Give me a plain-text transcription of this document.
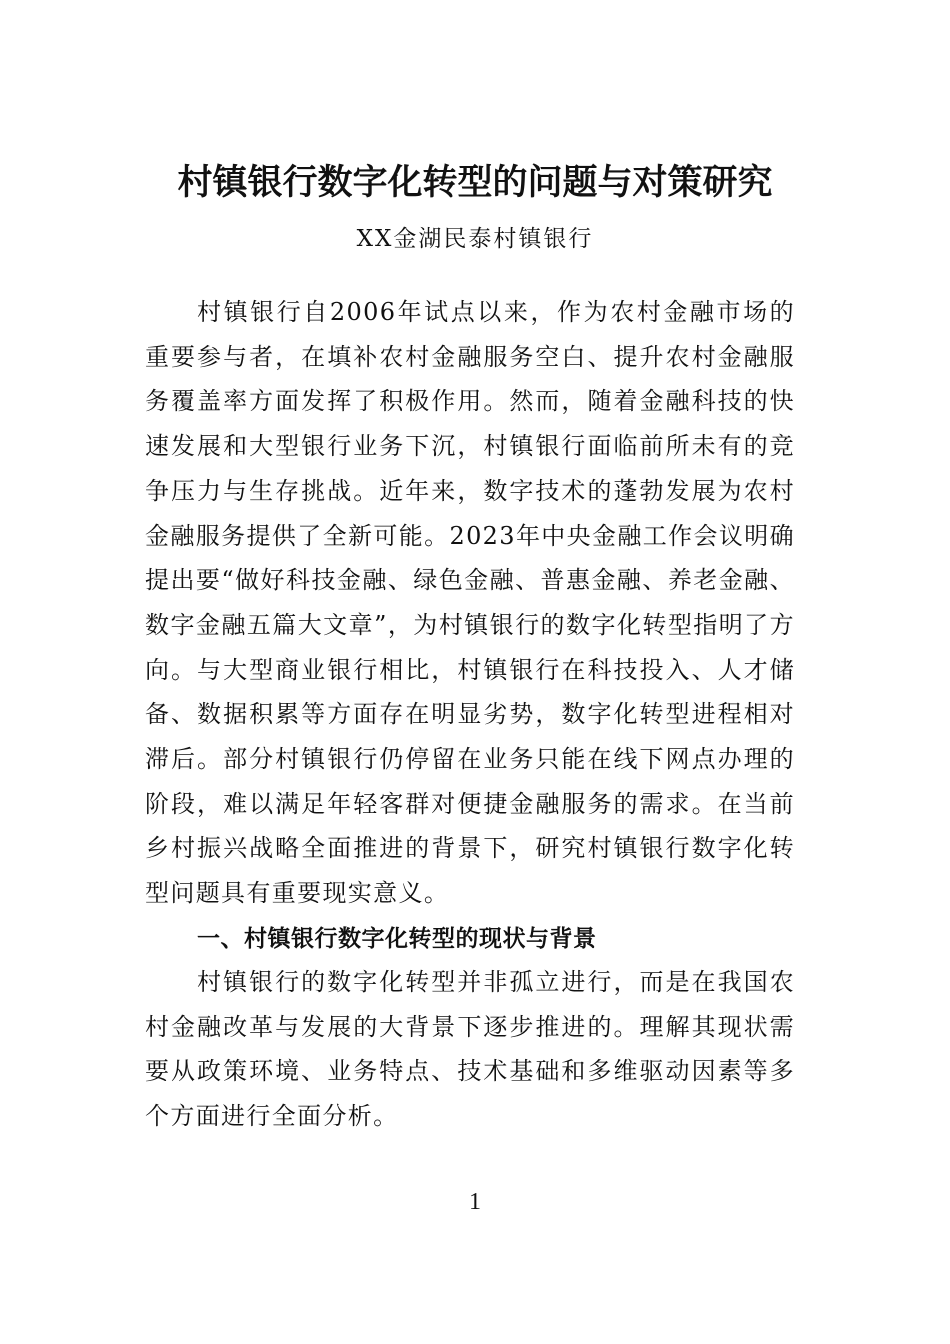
村镇银行数字化转型的问题与对策研究
XX金湖民泰村镇银行

村镇银行自2006年试点以来，作为农村金融市场的重要参与者，在填补农村金融服务空白、提升农村金融服务覆盖率方面发挥了积极作用。然而，随着金融科技的快速发展和大型银行业务下沉，村镇银行面临前所未有的竞争压力与生存挑战。近年来，数字技术的蓬勃发展为农村金融服务提供了全新可能。2023年中央金融工作会议明确提出要“做好科技金融、绿色金融、普惠金融、养老金融、数字金融五篇大文章”，为村镇银行的数字化转型指明了方向。与大型商业银行相比，村镇银行在科技投入、人才储备、数据积累等方面存在明显劣势，数字化转型进程相对滞后。部分村镇银行仍停留在业务只能在线下网点办理的阶段，难以满足年轻客群对便捷金融服务的需求。在当前乡村振兴战略全面推进的背景下，研究村镇银行数字化转型问题具有重要现实意义。

一、村镇银行数字化转型的现状与背景

村镇银行的数字化转型并非孤立进行，而是在我国农村金融改革与发展的大背景下逐步推进的。理解其现状需要从政策环境、业务特点、技术基础和多维驱动因素等多个方面进行全面分析。

1
